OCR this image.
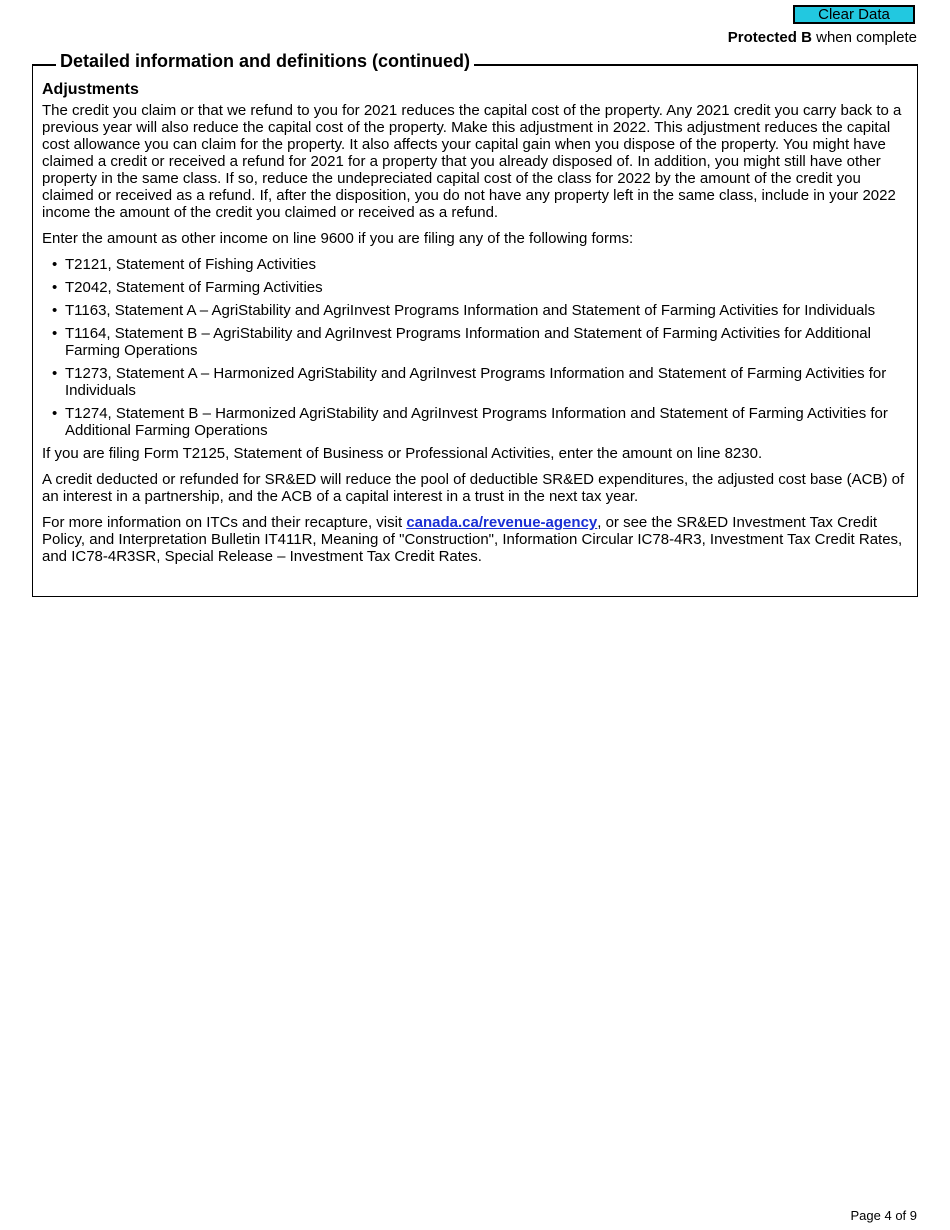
Clear Data
Protected B when complete
Detailed information and definitions (continued)
Adjustments

The credit you claim or that we refund to you for 2021 reduces the capital cost of the property. Any 2021 credit you carry back to a previous year will also reduce the capital cost of the property. Make this adjustment in 2022. This adjustment reduces the capital cost allowance you can claim for the property. It also affects your capital gain when you dispose of the property. You might have claimed a credit or received a refund for 2021 for a property that you already disposed of. In addition, you might still have other property in the same class. If so, reduce the undepreciated capital cost of the class for 2022 by the amount of the credit you claimed or received as a refund. If, after the disposition, you do not have any property left in the same class, include in your 2022 income the amount of the credit you claimed or received as a refund.

Enter the amount as other income on line 9600 if you are filing any of the following forms:

• T2121, Statement of Fishing Activities
• T2042, Statement of Farming Activities
• T1163, Statement A – AgriStability and AgriInvest Programs Information and Statement of Farming Activities for Individuals
• T1164, Statement B – AgriStability and AgriInvest Programs Information and Statement of Farming Activities for Additional Farming Operations
• T1273, Statement A – Harmonized AgriStability and AgriInvest Programs Information and Statement of Farming Activities for Individuals
• T1274, Statement B – Harmonized AgriStability and AgriInvest Programs Information and Statement of Farming Activities for Additional Farming Operations

If you are filing Form T2125, Statement of Business or Professional Activities, enter the amount on line 8230.

A credit deducted or refunded for SR&ED will reduce the pool of deductible SR&ED expenditures, the adjusted cost base (ACB) of an interest in a partnership, and the ACB of a capital interest in a trust in the next tax year.

For more information on ITCs and their recapture, visit canada.ca/revenue-agency, or see the SR&ED Investment Tax Credit Policy, and Interpretation Bulletin IT411R, Meaning of "Construction", Information Circular IC78-4R3, Investment Tax Credit Rates, and IC78-4R3SR, Special Release – Investment Tax Credit Rates.

Page 4 of 9
